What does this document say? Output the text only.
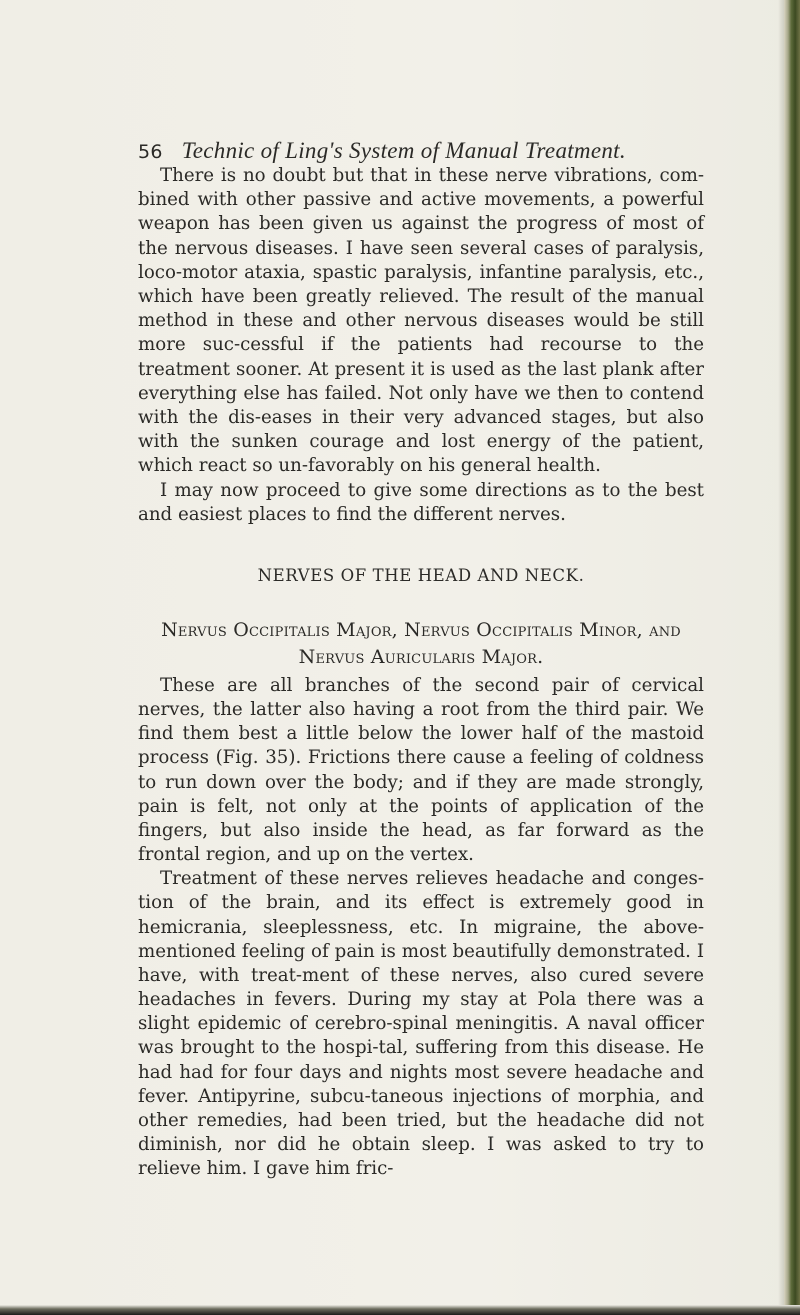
56 Technic of Ling's System of Manual Treatment.

There is no doubt but that in these nerve vibrations, com-bined with other passive and active movements, a powerful weapon has been given us against the progress of most of the nervous diseases. I have seen several cases of paralysis, loco-motor ataxia, spastic paralysis, infantine paralysis, etc., which have been greatly relieved. The result of the manual method in these and other nervous diseases would be still more suc-cessful if the patients had recourse to the treatment sooner. At present it is used as the last plank after everything else has failed. Not only have we then to contend with the dis-eases in their very advanced stages, but also with the sunken courage and lost energy of the patient, which react so un-favorably on his general health.

I may now proceed to give some directions as to the best and easiest places to find the different nerves.

NERVES OF THE HEAD AND NECK.
Nervus Occipitalis Major, Nervus Occipitalis Minor, and Nervus Auricularis Major.

These are all branches of the second pair of cervical nerves, the latter also having a root from the third pair. We find them best a little below the lower half of the mastoid process (Fig. 35). Frictions there cause a feeling of coldness to run down over the body; and if they are made strongly, pain is felt, not only at the points of application of the fingers, but also inside the head, as far forward as the frontal region, and up on the vertex.

Treatment of these nerves relieves headache and conges-tion of the brain, and its effect is extremely good in hemicrania, sleeplessness, etc. In migraine, the above-mentioned feeling of pain is most beautifully demonstrated. I have, with treat-ment of these nerves, also cured severe headaches in fevers. During my stay at Pola there was a slight epidemic of cerebro-spinal meningitis. A naval officer was brought to the hospi-tal, suffering from this disease. He had had for four days and nights most severe headache and fever. Antipyrine, subcu-taneous injections of morphia, and other remedies, had been tried, but the headache did not diminish, nor did he obtain sleep. I was asked to try to relieve him. I gave him fric-
